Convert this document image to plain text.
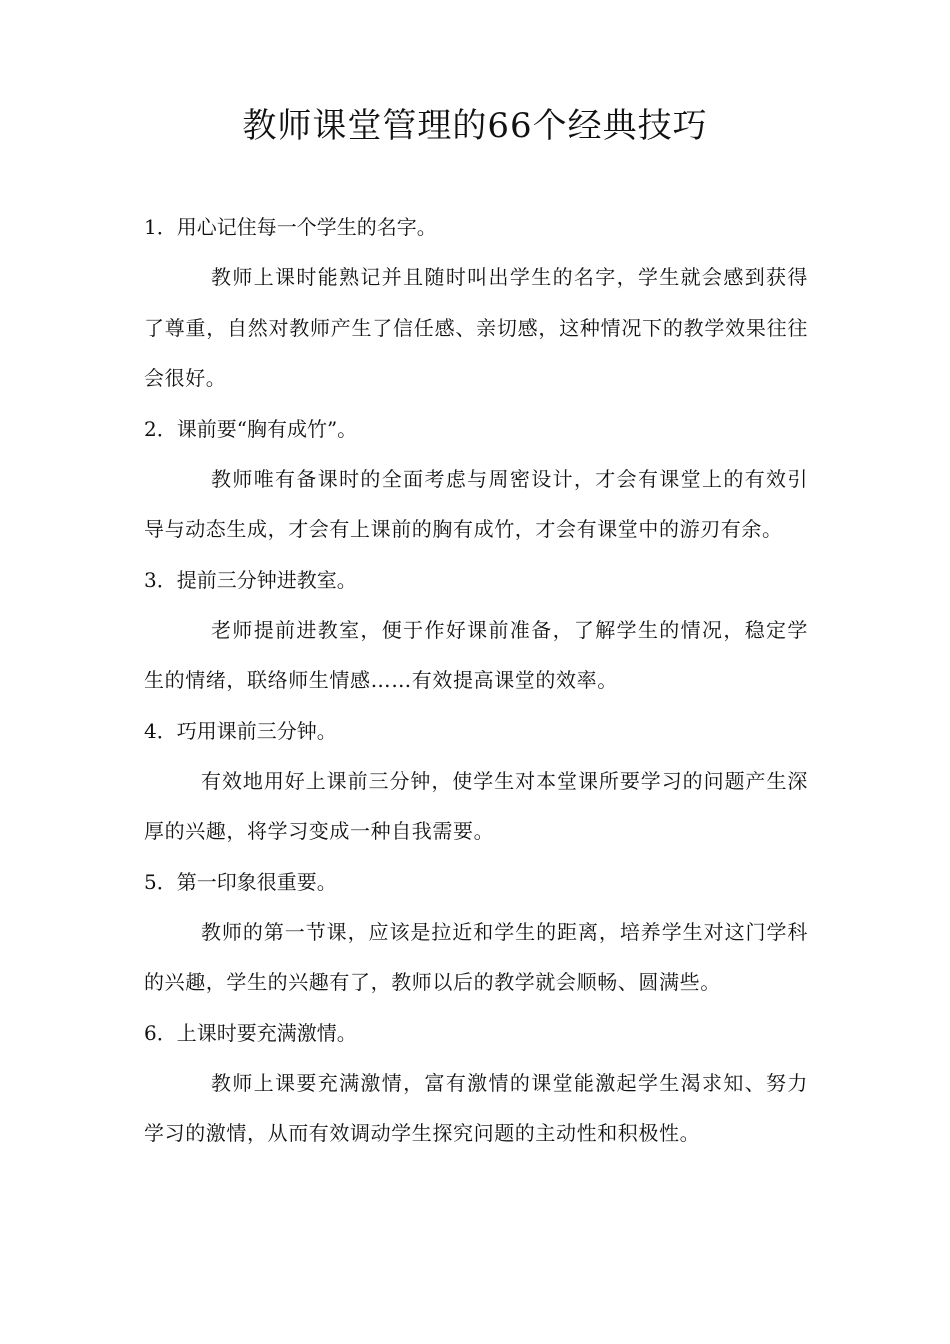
教师课堂管理的66个经典技巧

1．用心记住每一个学生的名字。

教师上课时能熟记并且随时叫出学生的名字，学生就会感到获得了尊重，自然对教师产生了信任感、亲切感，这种情况下的教学效果往往会很好。

2．课前要“胸有成竹”。

教师唯有备课时的全面考虑与周密设计，才会有课堂上的有效引导与动态生成，才会有上课前的胸有成竹，才会有课堂中的游刃有余。

3．提前三分钟进教室。

老师提前进教室，便于作好课前准备，了解学生的情况，稳定学生的情绪，联络师生情感……有效提高课堂的效率。

4．巧用课前三分钟。

有效地用好上课前三分钟，使学生对本堂课所要学习的问题产生深厚的兴趣，将学习变成一种自我需要。

5．第一印象很重要。

教师的第一节课，应该是拉近和学生的距离，培养学生对这门学科的兴趣，学生的兴趣有了，教师以后的教学就会顺畅、圆满些。

6．上课时要充满激情。

教师上课要充满激情，富有激情的课堂能激起学生渴求知、努力学习的激情，从而有效调动学生探究问题的主动性和积极性。
